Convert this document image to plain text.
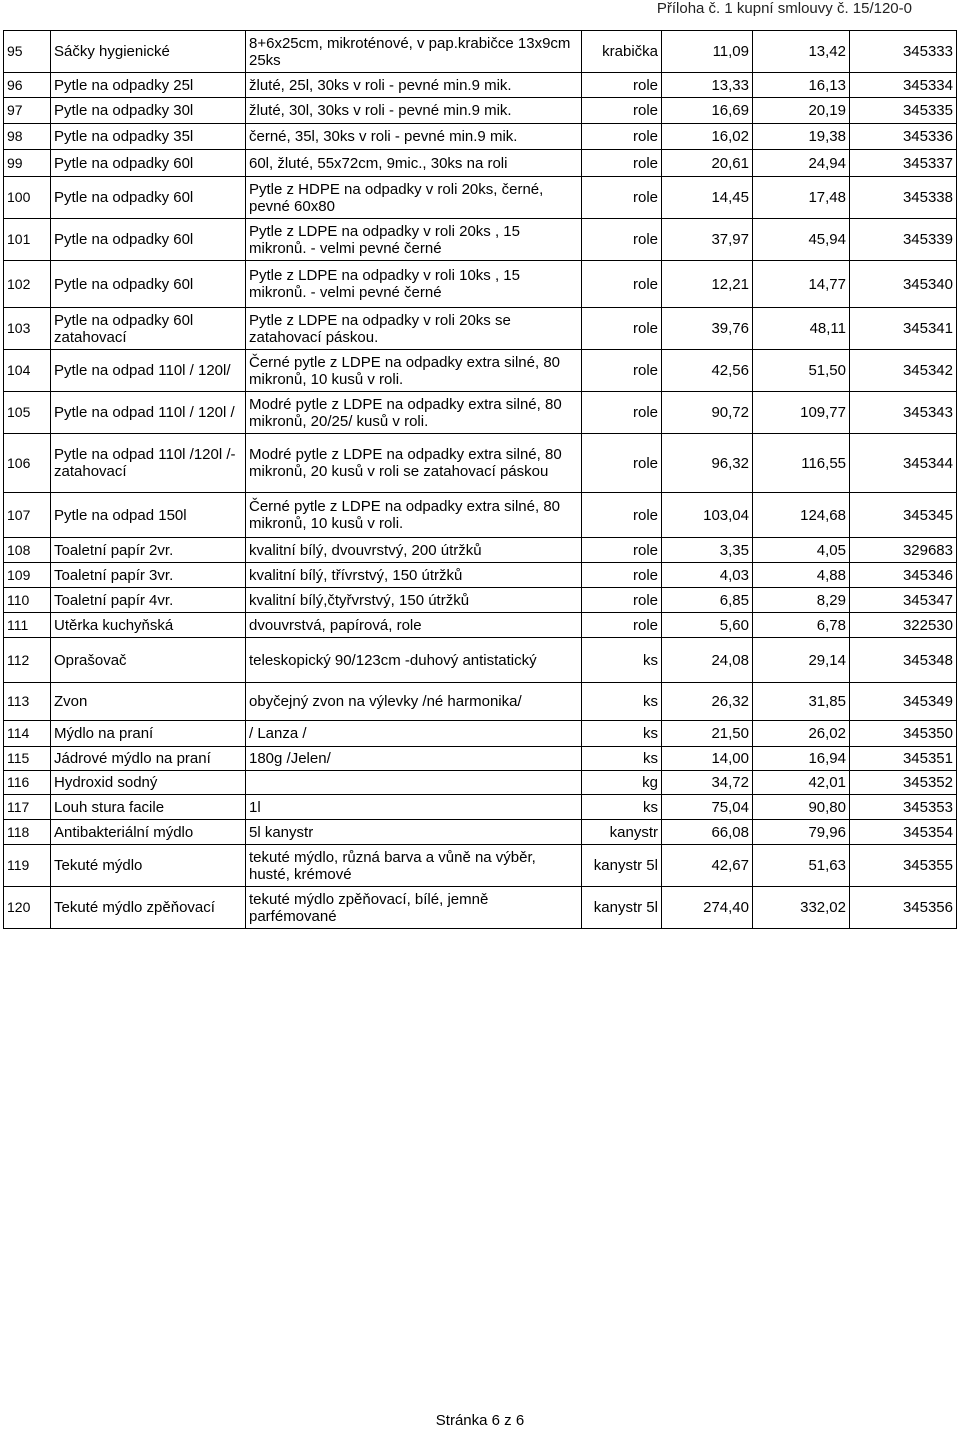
Příloha č. 1 kupní smlouvy č. 15/120-0
95	Sáčky hygienické	8+6x25cm, mikroténové, v pap.krabičce 13x9cm 25ks	krabička	11,09	13,42	345333
96	Pytle na odpadky 25l	žluté, 25l, 30ks v roli - pevné min.9 mik.	role	13,33	16,13	345334
97	Pytle na odpadky 30l	žluté, 30l, 30ks v roli - pevné min.9 mik.	role	16,69	20,19	345335
98	Pytle na odpadky 35l	černé, 35l, 30ks v roli - pevné min.9 mik.	role	16,02	19,38	345336
99	Pytle na odpadky 60l	60l, žluté, 55x72cm, 9mic., 30ks na roli	role	20,61	24,94	345337
100	Pytle na odpadky 60l	Pytle z HDPE na odpadky v roli 20ks, černé, pevné 60x80	role	14,45	17,48	345338
101	Pytle na odpadky 60l	Pytle z LDPE na odpadky v roli 20ks , 15 mikronů. - velmi pevné černé	role	37,97	45,94	345339
102	Pytle na odpadky 60l	Pytle z LDPE na odpadky v roli 10ks , 15 mikronů. - velmi pevné černé	role	12,21	14,77	345340
103	Pytle na odpadky 60l zatahovací	Pytle z LDPE na odpadky v roli 20ks se zatahovací páskou.	role	39,76	48,11	345341
104	Pytle na odpad 110l / 120l/	Černé pytle z LDPE na odpadky extra silné, 80 mikronů, 10 kusů v roli.	role	42,56	51,50	345342
105	Pytle na odpad 110l / 120l /	Modré pytle z LDPE na odpadky extra silné, 80 mikronů, 20/25/ kusů v roli.	role	90,72	109,77	345343
106	Pytle na odpad 110l /120l /-zatahovací	Modré pytle z LDPE na odpadky extra silné, 80 mikronů, 20 kusů v roli se zatahovací páskou	role	96,32	116,55	345344
107	Pytle na odpad 150l	Černé pytle z LDPE na odpadky extra silné, 80 mikronů, 10 kusů v roli.	role	103,04	124,68	345345
108	Toaletní papír 2vr.	kvalitní bílý, dvouvrstvý, 200 útržků	role	3,35	4,05	329683
109	Toaletní papír 3vr.	kvalitní bílý, třívrstvý, 150 útržků	role	4,03	4,88	345346
110	Toaletní papír 4vr.	kvalitní bílý,čtyřvrstvý, 150 útržků	role	6,85	8,29	345347
111	Utěrka kuchyňská	dvouvrstvá, papírová, role	role	5,60	6,78	322530
112	Oprašovač	teleskopický 90/123cm -duhový antistatický	ks	24,08	29,14	345348
113	Zvon	obyčejný zvon na výlevky /né harmonika/	ks	26,32	31,85	345349
114	Mýdlo na praní	/ Lanza /	ks	21,50	26,02	345350
115	Jádrové mýdlo na praní	180g /Jelen/	ks	14,00	16,94	345351
116	Hydroxid sodný		kg	34,72	42,01	345352
117	Louh stura facile	1l	ks	75,04	90,80	345353
118	Antibakteriální mýdlo	5l kanystr	kanystr	66,08	79,96	345354
119	Tekuté mýdlo	tekuté mýdlo, různá barva a vůně na výběr, husté, krémové	kanystr 5l	42,67	51,63	345355
120	Tekuté mýdlo zpěňovací	tekuté mýdlo zpěňovací, bílé, jemně parfémované	kanystr 5l	274,40	332,02	345356
Stránka 6 z 6
